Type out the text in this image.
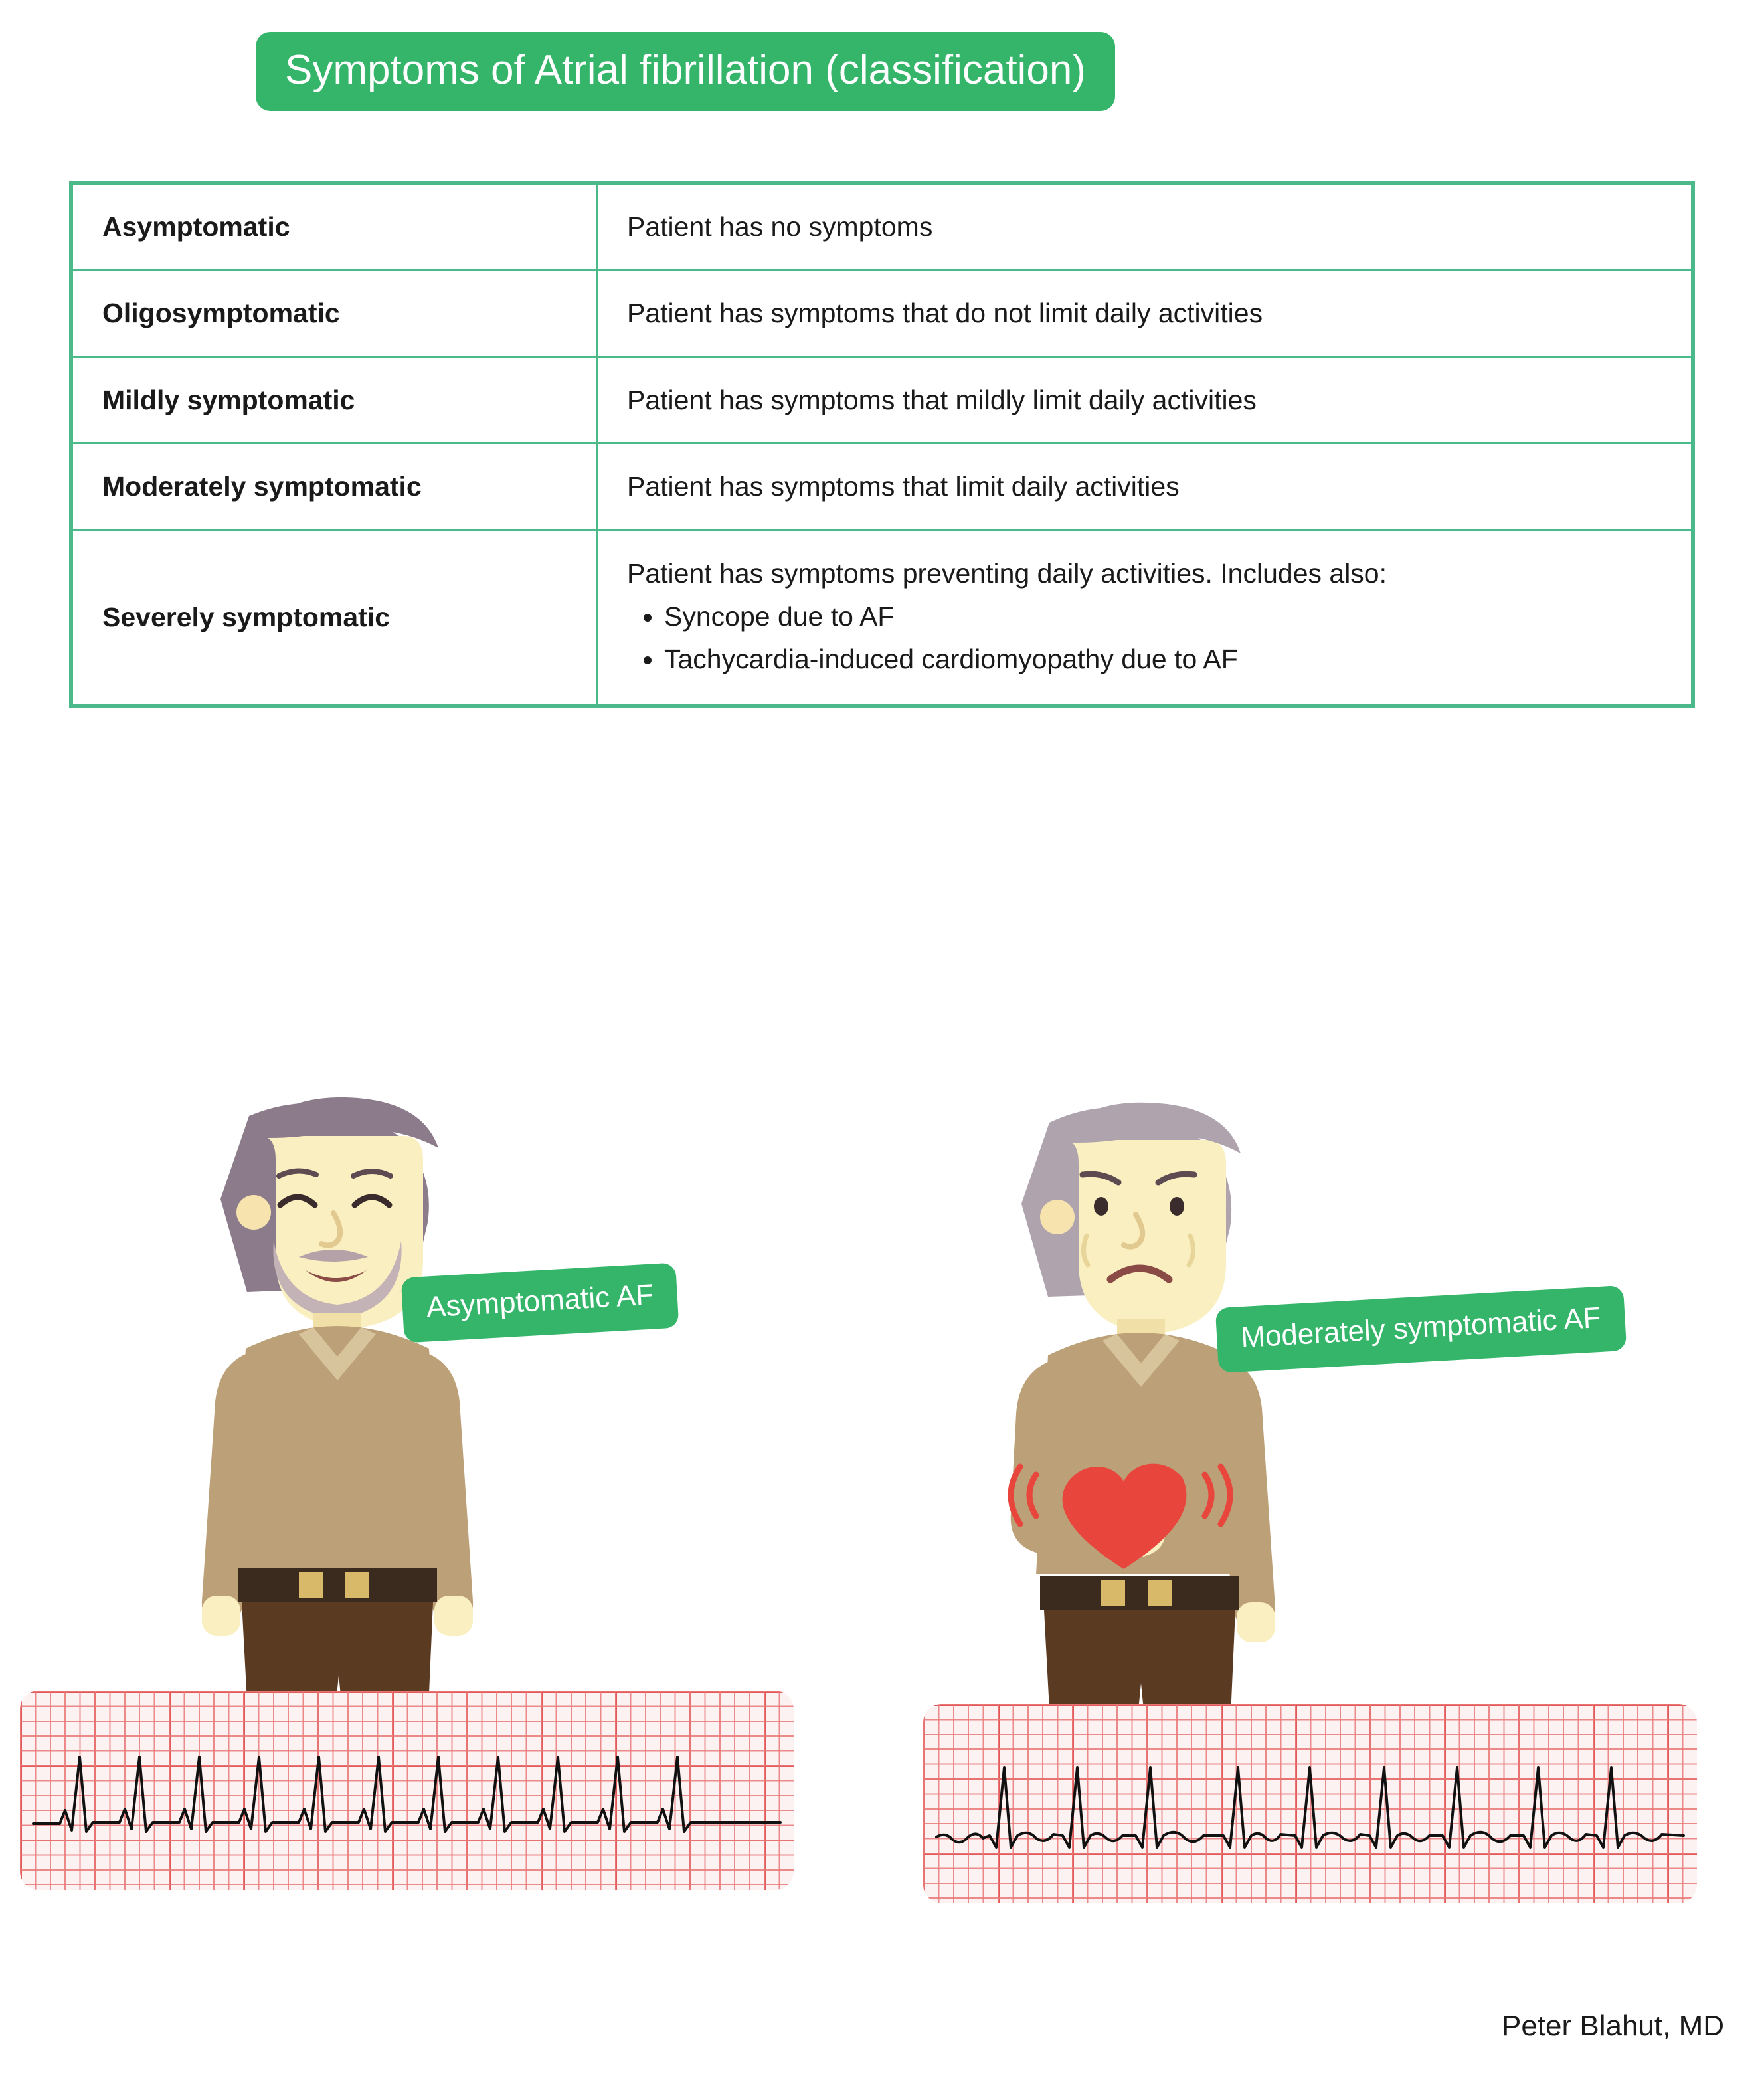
Symptoms of Atrial fibrillation (classification)
Asymptomatic	Patient has no symptoms
Oligosymptomatic	Patient has symptoms that do not limit daily activities
Mildly symptomatic	Patient has symptoms that mildly limit daily activities
Moderately symptomatic	Patient has symptoms that limit daily activities
Severely symptomatic	Patient has symptoms preventing daily activities. Includes also:
• Syncope due to AF
• Tachycardia-induced cardiomyopathy due to AF
Asymptomatic AF
Moderately symptomatic AF
Peter Blahut, MD
